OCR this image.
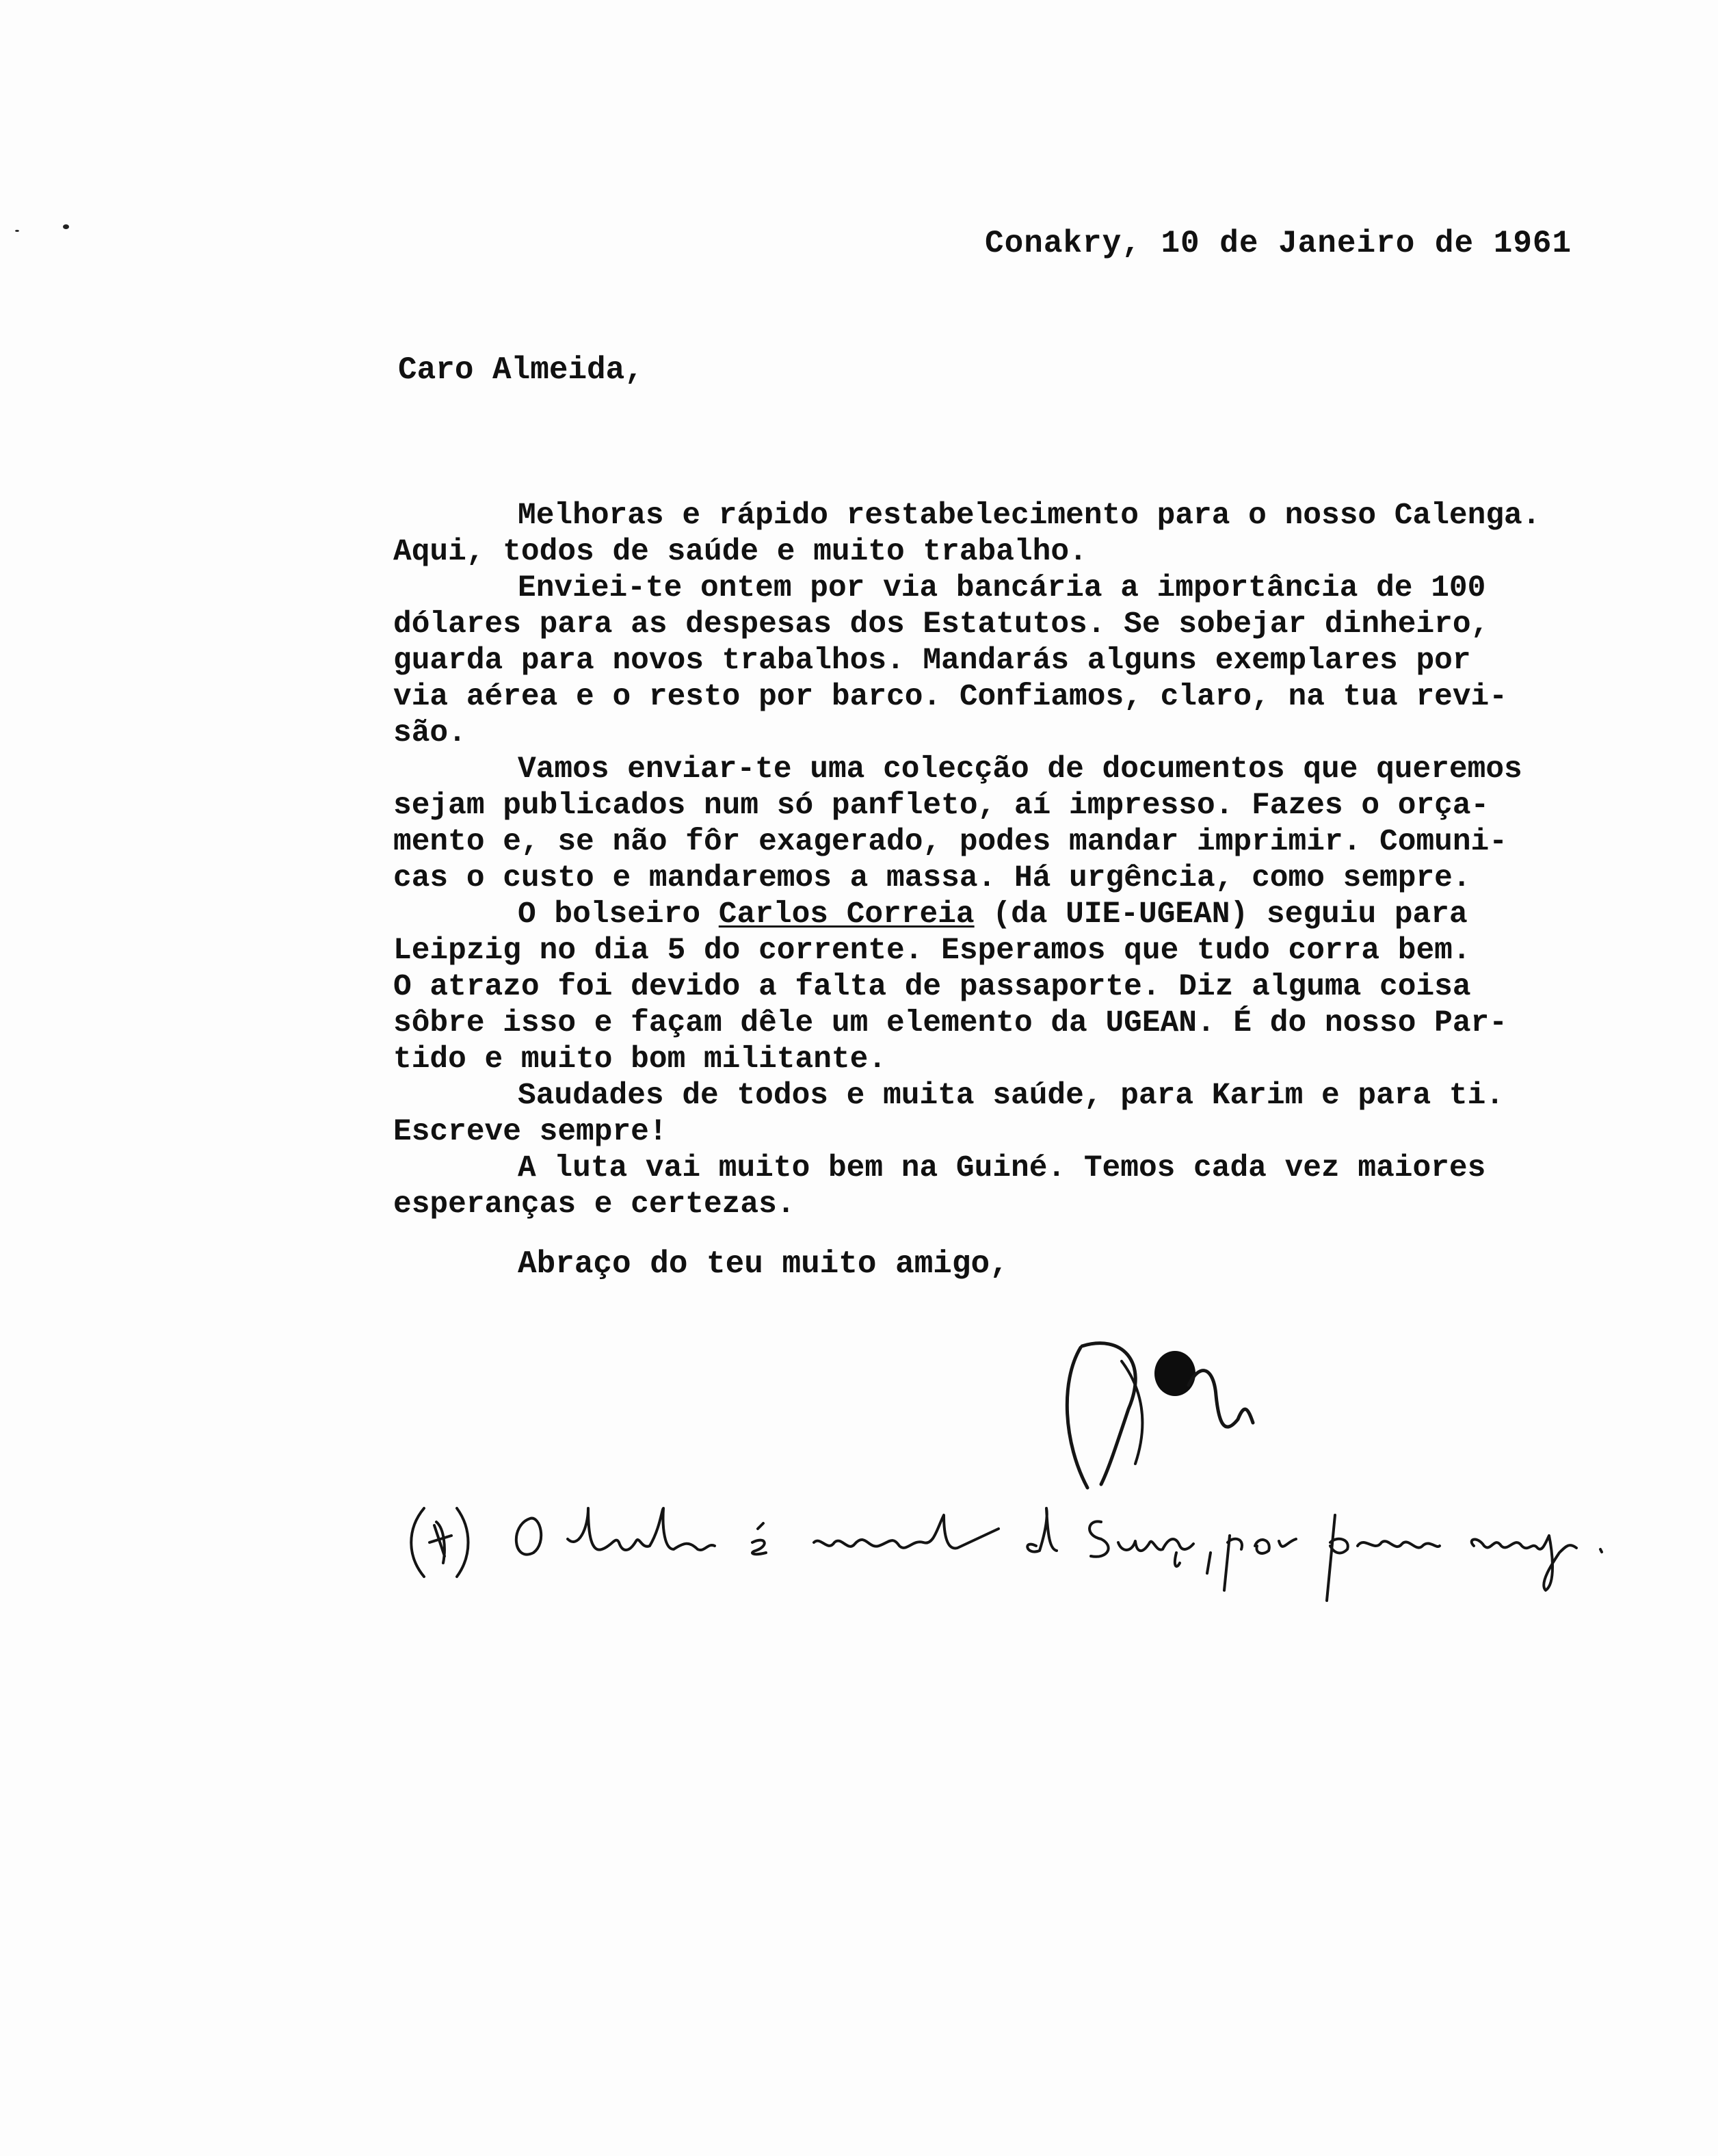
Conakry, 10 de Janeiro de 1961
Caro Almeida,
Melhoras e rápido restabelecimento para o nosso Calenga.
Aqui, todos de saúde e muito trabalho.
Enviei-te ontem por via bancária a importância de 100
dólares para as despesas dos Estatutos. Se sobejar dinheiro,
guarda para novos trabalhos. Mandarás alguns exemplares por
via aérea e o resto por barco. Confiamos, claro, na tua revi-
são.
Vamos enviar-te uma colecção de documentos que queremos
sejam publicados num só panfleto, aí impresso. Fazes o orça-
mento e, se não fôr exagerado, podes mandar imprimir. Comuni-
cas o custo e mandaremos a massa. Há urgência, como sempre.
O bolseiro Carlos Correia (da UIE-UGEAN) seguiu para
Leipzig no dia 5 do corrente. Esperamos que tudo corra bem.
O atrazo foi devido a falta de passaporte. Diz alguma coisa
sôbre isso e façam dêle um elemento da UGEAN. É do nosso Par-
tido e muito bom militante.
Saudades de todos e muita saúde, para Karim e para ti.
Escreve sempre!
A luta vai muito bem na Guiné. Temos cada vez maiores
esperanças e certezas.
Abraço do teu muito amigo,
